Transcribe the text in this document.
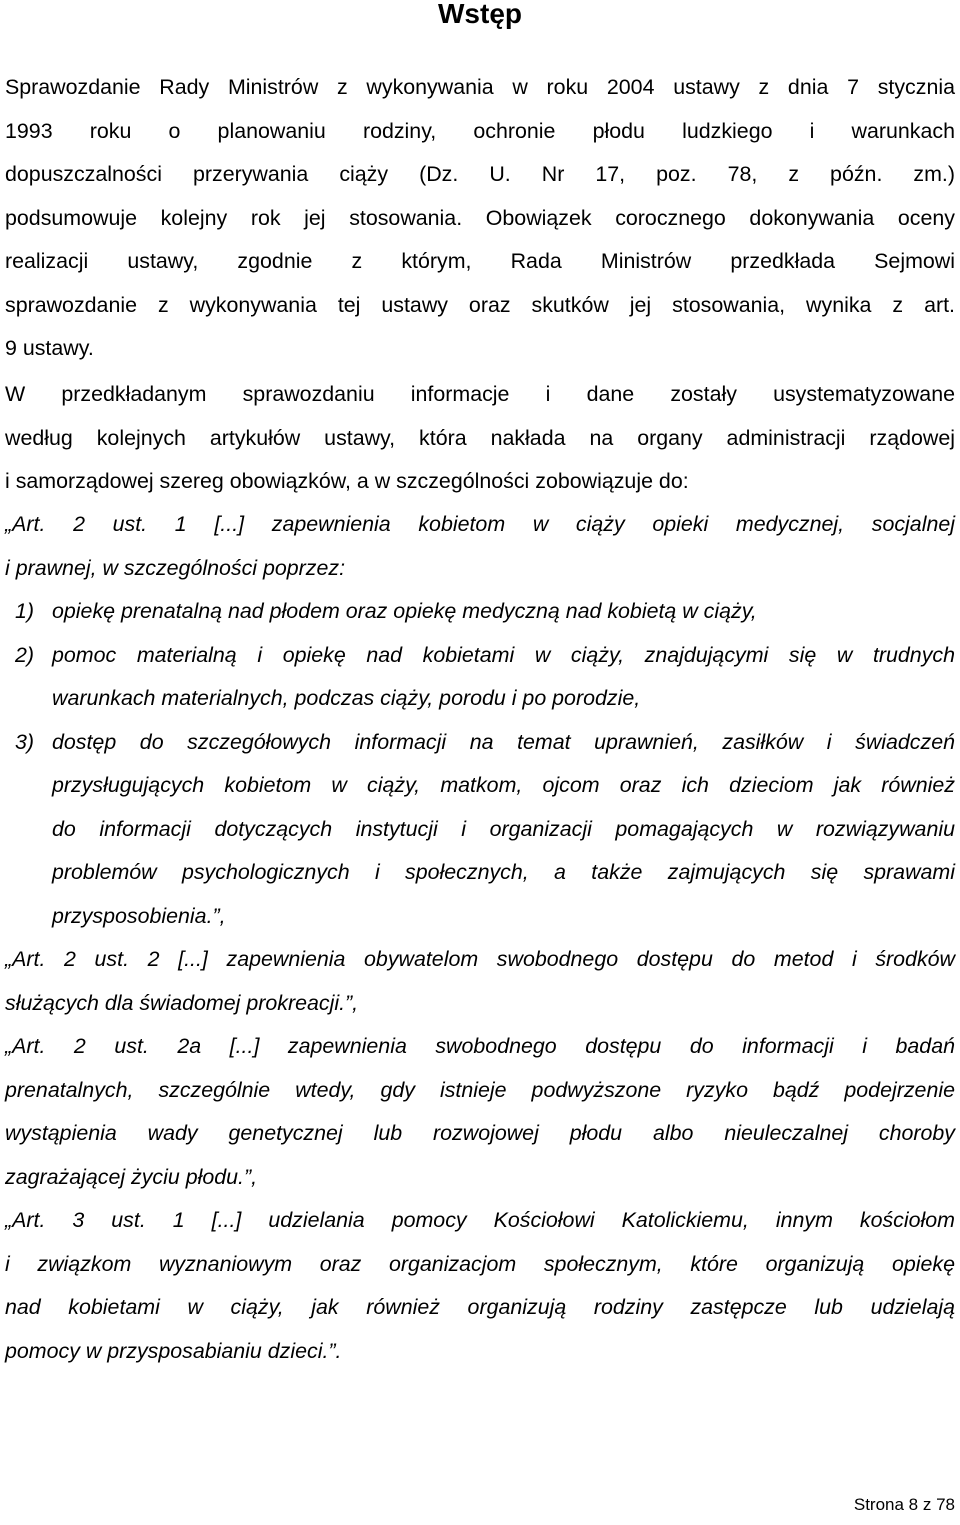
Wstęp
Sprawozdanie Rady Ministrów z wykonywania w roku 2004 ustawy z dnia 7 stycznia
1993 roku o planowaniu rodziny, ochronie płodu ludzkiego i warunkach
dopuszczalności przerywania ciąży (Dz. U. Nr 17, poz. 78, z późn. zm.)
podsumowuje kolejny rok jej stosowania. Obowiązek corocznego dokonywania oceny
realizacji ustawy, zgodnie z którym, Rada Ministrów przedkłada Sejmowi
sprawozdanie z wykonywania tej ustawy oraz skutków jej stosowania, wynika z art.
9 ustawy.
W przedkładanym sprawozdaniu informacje i dane zostały usystematyzowane
według kolejnych artykułów ustawy, która nakłada na organy administracji rządowej
i samorządowej szereg obowiązków, a w szczególności zobowiązuje do:
„Art. 2 ust. 1 [...] zapewnienia kobietom w ciąży opieki medycznej, socjalnej
i prawnej, w szczególności poprzez:
1) opiekę prenatalną nad płodem oraz opiekę medyczną nad kobietą w ciąży,
2) pomoc materialną i opiekę nad kobietami w ciąży, znajdującymi się w trudnych
warunkach materialnych, podczas ciąży, porodu i po porodzie,
3) dostęp do szczegółowych informacji na temat uprawnień, zasiłków i świadczeń
przysługujących kobietom w ciąży, matkom, ojcom oraz ich dzieciom jak również
do informacji dotyczących instytucji i organizacji pomagających w rozwiązywaniu
problemów psychologicznych i społecznych, a także zajmujących się sprawami
przysposobienia.”,
„Art. 2 ust. 2 [...] zapewnienia obywatelom swobodnego dostępu do metod i środków
służących dla świadomej prokreacji.”,
„Art. 2 ust. 2a [...] zapewnienia swobodnego dostępu do informacji i badań
prenatalnych, szczególnie wtedy, gdy istnieje podwyższone ryzyko bądź podejrzenie
wystąpienia wady genetycznej lub rozwojowej płodu albo nieuleczalnej choroby
zagrażającej życiu płodu.”,
„Art. 3 ust. 1 [...] udzielania pomocy Kościołowi Katolickiemu, innym kościołom
i związkom wyznaniowym oraz organizacjom społecznym, które organizują opiekę
nad kobietami w ciąży, jak również organizują rodziny zastępcze lub udzielają
pomocy w przysposabianiu dzieci.”.
Strona 8 z 78
